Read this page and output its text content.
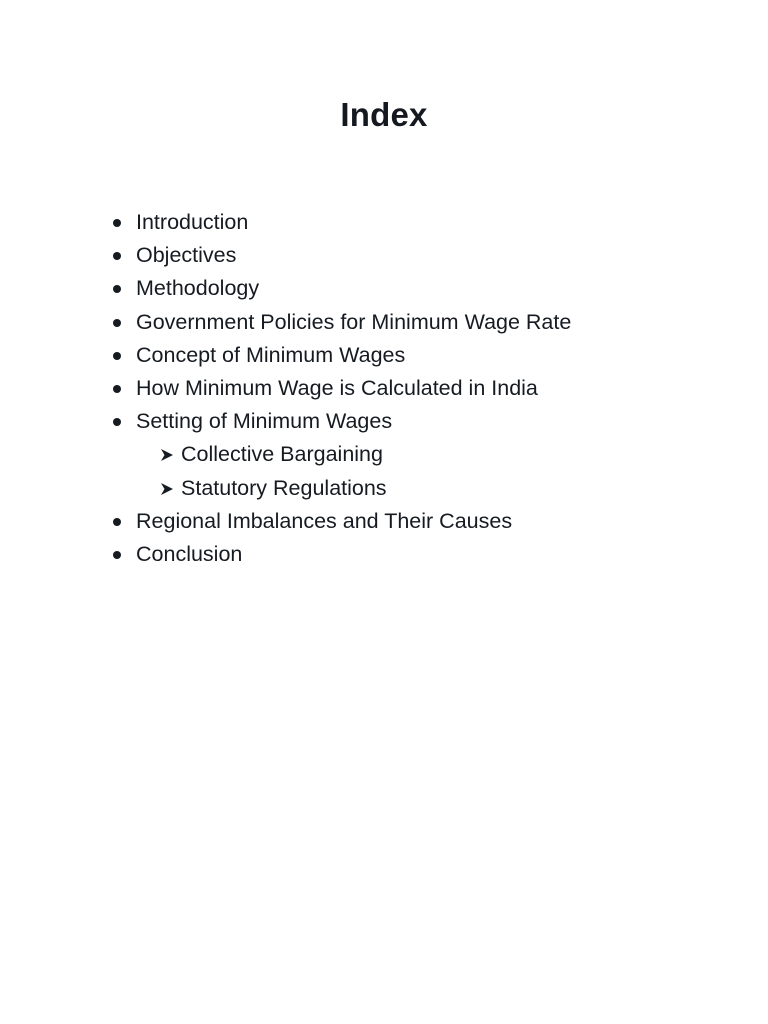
Index
Introduction
Objectives
Methodology
Government Policies for Minimum Wage Rate
Concept of Minimum Wages
How Minimum Wage is Calculated in India
Setting of Minimum Wages
Collective Bargaining
Statutory Regulations
Regional Imbalances and Their Causes
Conclusion
